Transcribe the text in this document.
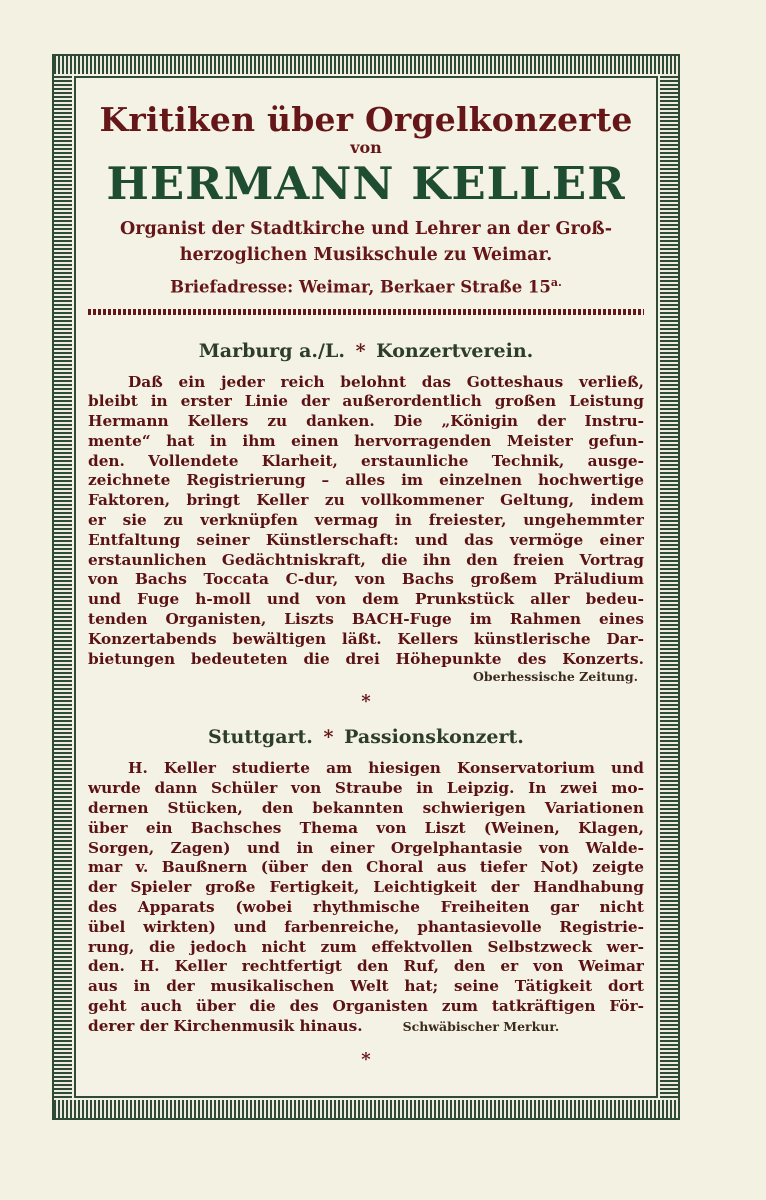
Kritiken über Orgelkonzerte

von

HERMANN KELLER

Organist der Stadtkirche und Lehrer an der Groß-
herzoglichen Musikschule zu Weimar.

Briefadresse: Weimar, Berkaer Straße $15^{a.}$

Marburg a./L. * Konzertverein.
Daß ein jeder reich belohnt das Gotteshaus verließ,
bleibt in erster Linie der außerordentlich großen Leistung
Hermann Kellers zu danken. Die „Königin der Instru-
mente“ hat in ihm einen hervorragenden Meister gefun-
den. Vollendete Klarheit, erstaunliche Technik, ausge-
zeichnete Registrierung – alles im einzelnen hochwertige
Faktoren, bringt Keller zu vollkommener Geltung, indem
er sie zu verknüpfen vermag in freiester, ungehemmter
Entfaltung seiner Künstlerschaft: und das vermöge einer
erstaunlichen Gedächtniskraft, die ihn den freien Vortrag
von Bachs Toccata C-dur, von Bachs großem Präludium
und Fuge h-moll und von dem Prunkstück aller bedeu-
tenden Organisten, Liszts BACH-Fuge im Rahmen eines
Konzertabends bewältigen läßt. Kellers künstlerische Dar-
bietungen bedeuteten die drei Höhepunkte des Konzerts.

Oberhessische Zeitung.

*

Stuttgart. * Passionskonzert.
H. Keller studierte am hiesigen Konservatorium und
wurde dann Schüler von Straube in Leipzig. In zwei mo-
dernen Stücken, den bekannten schwierigen Variationen
über ein Bachsches Thema von Liszt (Weinen, Klagen,
Sorgen, Zagen) und in einer Orgelphantasie von Walde-
mar v. Baußnern (über den Choral aus tiefer Not) zeigte
der Spieler große Fertigkeit, Leichtigkeit der Handhabung
des Apparats (wobei rhythmische Freiheiten gar nicht
übel wirkten) und farbenreiche, phantasievolle Registrie-
rung, die jedoch nicht zum effektvollen Selbstzweck wer-
den. H. Keller rechtfertigt den Ruf, den er von Weimar
aus in der musikalischen Welt hat; seine Tätigkeit dort
geht auch über die des Organisten zum tatkräftigen För-
derer der Kirchenmusik hinaus.	Schwäbischer Merkur.

*
